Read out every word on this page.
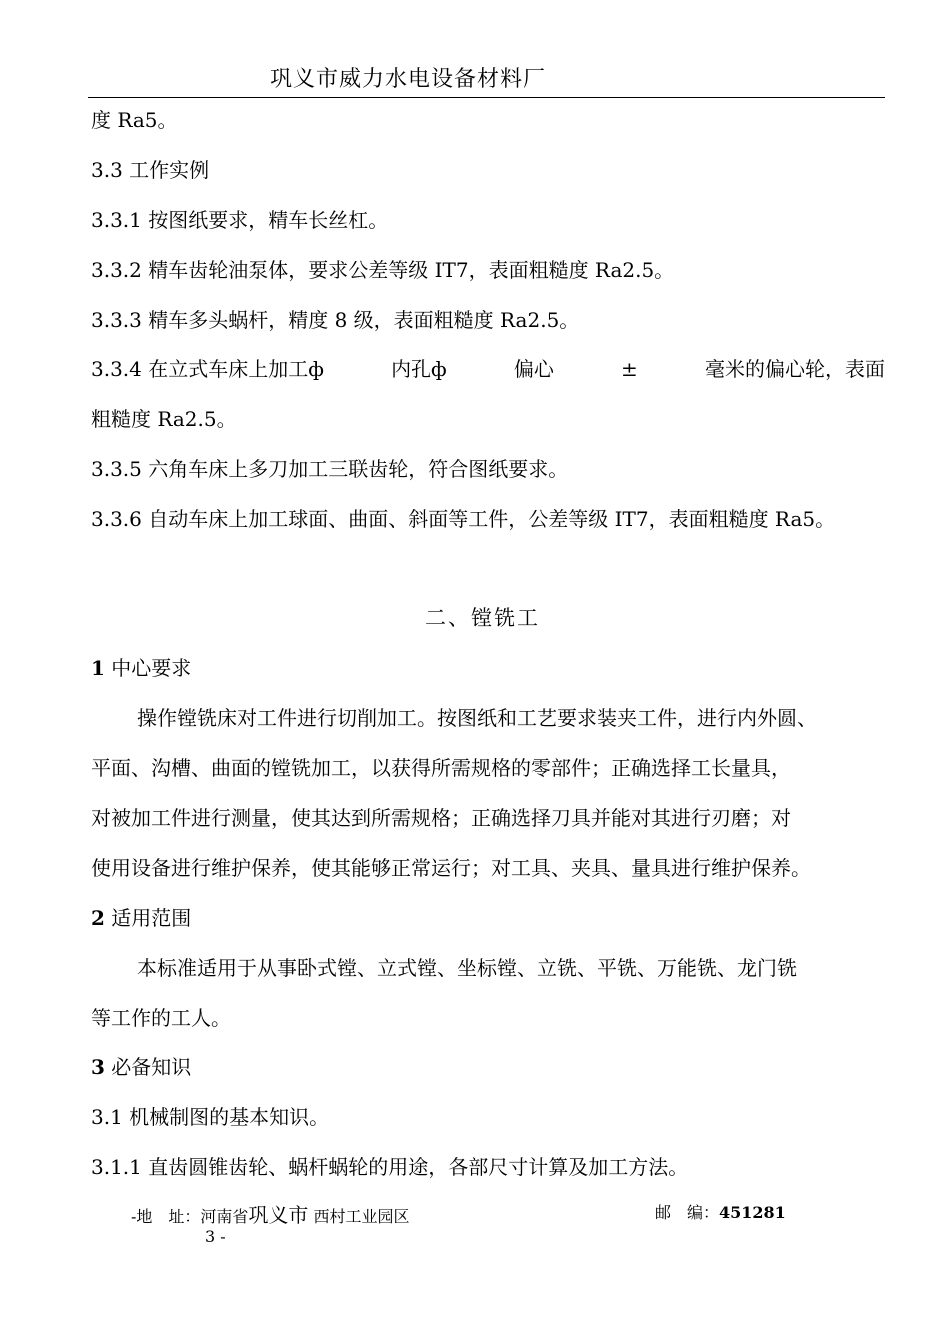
巩义市威力水电设备材料厂
度 Ra5。
3.3 工作实例
3.3.1 按图纸要求，精车长丝杠。
3.3.2 精车齿轮油泵体，要求公差等级 IT7，表面粗糙度 Ra2.5。
3.3.3 精车多头蜗杆，精度 8 级，表面粗糙度 Ra2.5。
3.3.4 在立式车床上加工ф	内孔ф	偏心	±	毫米的偏心轮，表面
粗糙度 Ra2.5。
3.3.5 六角车床上多刀加工三联齿轮，符合图纸要求。
3.3.6 自动车床上加工球面、曲面、斜面等工件，公差等级 IT7，表面粗糙度 Ra5。
二、镗铣工
1 中心要求
操作镗铣床对工件进行切削加工。按图纸和工艺要求装夹工件，进行内外圆、
平面、沟槽、曲面的镗铣加工，以获得所需规格的零部件；正确选择工长量具，
对被加工件进行测量，使其达到所需规格；正确选择刀具并能对其进行刃磨；对
使用设备进行维护保养，使其能够正常运行；对工具、夹具、量具进行维护保养。
2 适用范围
本标准适用于从事卧式镗、立式镗、坐标镗、立铣、平铣、万能铣、龙门铣
等工作的工人。
3 必备知识
3.1 机械制图的基本知识。
3.1.1 直齿圆锥齿轮、蜗杆蜗轮的用途，各部尺寸计算及加工方法。
-地　址：河南省巩义市 西村工业园区	邮　编：451281
3 -
